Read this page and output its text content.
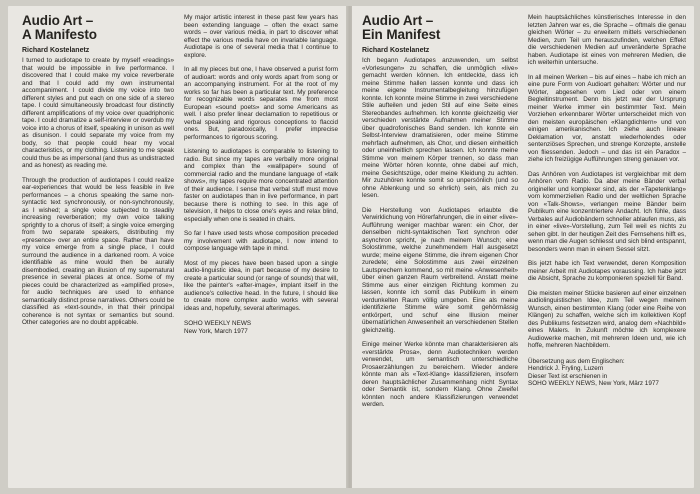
Audio Art –
A Manifesto
Richard Kostelanetz

I turned to audiotape to create by myself «readings» that would be impossible in live performance. I discovered that I could make my voice reverberate and that I could add my own instrumental accompaniment. I could divide my voice into two different styles and put each on one side of a stereo tape. I could simultaneously broadcast four distinctly different amplifications of my voice over quadriphonic tape. I could dramatize a self-interview or overdub my voice into a chorus of itself, speaking in unison as well as disunison. I could separate my voice from my body, so that people could hear my vocal characteristics, or my clothing. Listening to me speak could thus be as impersonal (and thus as undistracted and as honest) as reading me.

Through the production of audiotapes I could realize ear-experiences that would be less feasible in live performances – a chorus speaking the same non-syntactic text synchronously, or non-synchronously, as I wished; a single voice subjected to steadily increasing reverberation; my own voice talking sprightly to a chorus of itself; a single voice emerging from two separate speakers, distributing my «presence» over an entire space. Rather than have my voice emerge from a single place, I could surround the audience in a darkened room. A voice identifiable as mine would then be aurally disembodied, creating an illusion of my supernatural presence in several places at once. Some of my pieces could be characterized as «amplified prose», for audio techniques are used to enhance semantically distinct prose narratives. Others could be classified as «text-sound», in that their principal coherence is not syntax or semantics but sound. Other categories are no doubt applicable.

My major artistic interest in these past few years has been extending language – often the exact same words – over various media, in part to discover what effect the various media have on invariable language. Audiotape is one of several media that I continue to explore.

In all my pieces but one, I have observed a purist form of audioart: words and only words apart from song or an accompanying instrument. For at the root of my works so far has been a particular text. My preference for recognizable words separates me from most European «sound poets» and some Americans as well. I also prefer linear declamation to repetitious or verbal speaking and rigorous conceptions to flaccid ones. But, paradoxically, I prefer imprecise performances to rigorous scoring.

Listening to audiotapes is comparable to listening to radio. But since my tapes are verbally more original and complex than the «wallpaper» sound of commercial radio and the mundane language of «talk shows», my tapes require more concentrated attention of their audience. I sense that verbal stuff must move faster on audiotapes than in live performance, in part because there is nothing to see. In this age of television, it helps to close one's eyes and relax blind, especially when one is seated in chairs.

So far I have used tests whose composition preceded my involvement with audiotape, I now intend to compose language with tape in mind.

Most of my pieces have been based upon a single audio-linguistic idea, in part because of my desire to create a particular sound (or range of sounds) that will, like the painter's «after-image», implant itself in the audience's collective head. In the future, I should like to create more complex audio works with several ideas and, hopefully, several afterimages.

SOHO WEEKLY NEWS
New York, March 1977
Audio Art –
Ein Manifest
Richard Kostelanetz

Ich begann Audiotapes anzuwenden, um selbst «Vorlesungen» zu schaffen, die unmöglich «live» gemacht werden können. Ich entdeckte, dass ich meine Stimme hallen lassen konnte und dass ich meine eigene Instrumentalbegleitung hinzufügen konnte. Ich konnte meine Stimme in zwei verschiedene Stile aufteilen und jeden Stil auf eine Seite eines Stereobandes aufnehmen. Ich konnte gleichzeitig vier verschieden verstärkte Aufnahmen meiner Stimme über quadrofonisches Band senden. Ich konnte ein Selbst-Interview dramatisieren, oder meine Stimme mehrfach aufnehmen, als Chor, und diesen einheitlich oder uneinheitlich sprechen lassen. Ich konnte meine Stimme von meinem Körper trennen, so dass man meine Wörter hören konnte, ohne dabei auf mich, meine Gesichtszüge, oder meine Kleidung zu achten. Mir zuzuhören konnte somit so unpersönlich (und so ohne Ablenkung und so ehrlich) sein, als mich zu lesen.

Die Herstellung von Audiotapes erlaubte die Verwirklichung von Hörerfahrungen, die in einer «live»-Aufführung weniger machbar waren: ein Chor, der denselben nicht-syntaktischen Text synchron oder asynchron spricht, je nach meinem Wunsch; eine Solostimme, welche zunehmendem Hall ausgesetzt wurde; meine eigene Stimme, die ihrem eigenen Chor zuredete; eine Solostimme aus zwei einzelnen Lautsprechern kommend, so mit meine «Anwesenheit» über einen ganzen Raum verbreitend. Anstatt meine Stimme aus einer einzigen Richtung kommen zu lassen, konnte ich somit das Publikum in einem verdunkelten Raum völlig umgeben. Eine als meine identifizierte Stimme wäre somit gehörmässig entkörpert, und schuf eine Illusion meiner übernatürlichen Anwesenheit an verschiedenen Stellen gleichzeitig.

Einige meiner Werke könnte man charakterisieren als «verstärkte Prosa», denn Audiotechniken werden verwendet, um semantisch unterschiedliche Prosaerzählungen zu bereichern. Wieder andere könnte man als «Text-Klang» klassifizieren, insofern deren hauptsächlicher Zusammenhang nicht Syntax oder Semantik ist, sondern Klang. Ohne Zweifel könnten noch andere Klassifizierungen verwendet werden.

Mein hauptsächliches künstlerisches Interesse in den letzten Jahren war es, die Sprache – oftmals die genau gleichen Wörter – zu erweitern mittels verschiedenen Medien, zum Teil um herauszufinden, welchen Effekt die verschiedenen Medien auf unveränderte Sprache haben. Audiotape ist eines von mehreren Medien, die ich weiterhin untersuche.

In all meinen Werken – bis auf eines – habe ich mich an eine pure Form von Audioart gehalten: Wörter und nur Wörter, abgesehen vom Lied oder von einem Begleitinstrument. Denn bis jetzt war der Ursprung meiner Werke immer ein bestimmter Text. Mein Vorziehen erkennbarer Wörter unterscheidet mich von den meisten europäischen «Klangdichtern» und von einigen amerikanischen. Ich ziehe auch lineare Deklamation vor, anstatt wiederholendes oder sentenziöses Sprechen, und strenge Konzepte, anstelle von fliessenden. Jedoch – und das ist ein Paradox – ziehe ich freizügige Aufführungen streng genauen vor.

Das Anhören von Audiotapes ist vergleichbar mit dem Anhören vom Radio. Da aber meine Bänder verbal origineller und komplexer sind, als der «Tapetenklang» vom kommerziellen Radio und der weltlichen Sprache von «Talk-Shows», verlangen meine Bänder beim Publikum eine konzentriertere Andacht. Ich fühle, dass Verbales auf Audiobändern schneller ablaufen muss, als in einer «live»-Vorstellung, zum Teil weil es nichts zu sehen gibt. In der heutigen Zeit des Fernsehens hilft es, wenn man die Augen schliesst und sich blind entspannt, besonders wenn man in einem Sessel sitzt.

Bis jetzt habe ich Text verwendet, deren Komposition meiner Arbeit mit Audiotapes voraussing. Ich habe jetzt die Absicht, Sprache zu komponieren speziell für Band.

Die meisten meiner Stücke basieren auf einer einzelnen audiolinguistischen Idee, zum Teil wegen meinem Wunsch, einen bestimmten Klang (oder eine Reihe von Klängen) zu schaffen, welche sich im kollektiven Kopf des Publikums festsetzen wird, analog dem «Nachbild» eines Malers. In Zukunft möchte ich komplexere Audiowerke machen, mit mehreren Ideen und, wie ich hoffe, mehreren Nachbildern.

Übersetzung aus dem Englischen:
Hendrick J. Fryling, Luzern
Dieser Text ist erschienen in
SOHO WEEKLY NEWS, New York, März 1977
